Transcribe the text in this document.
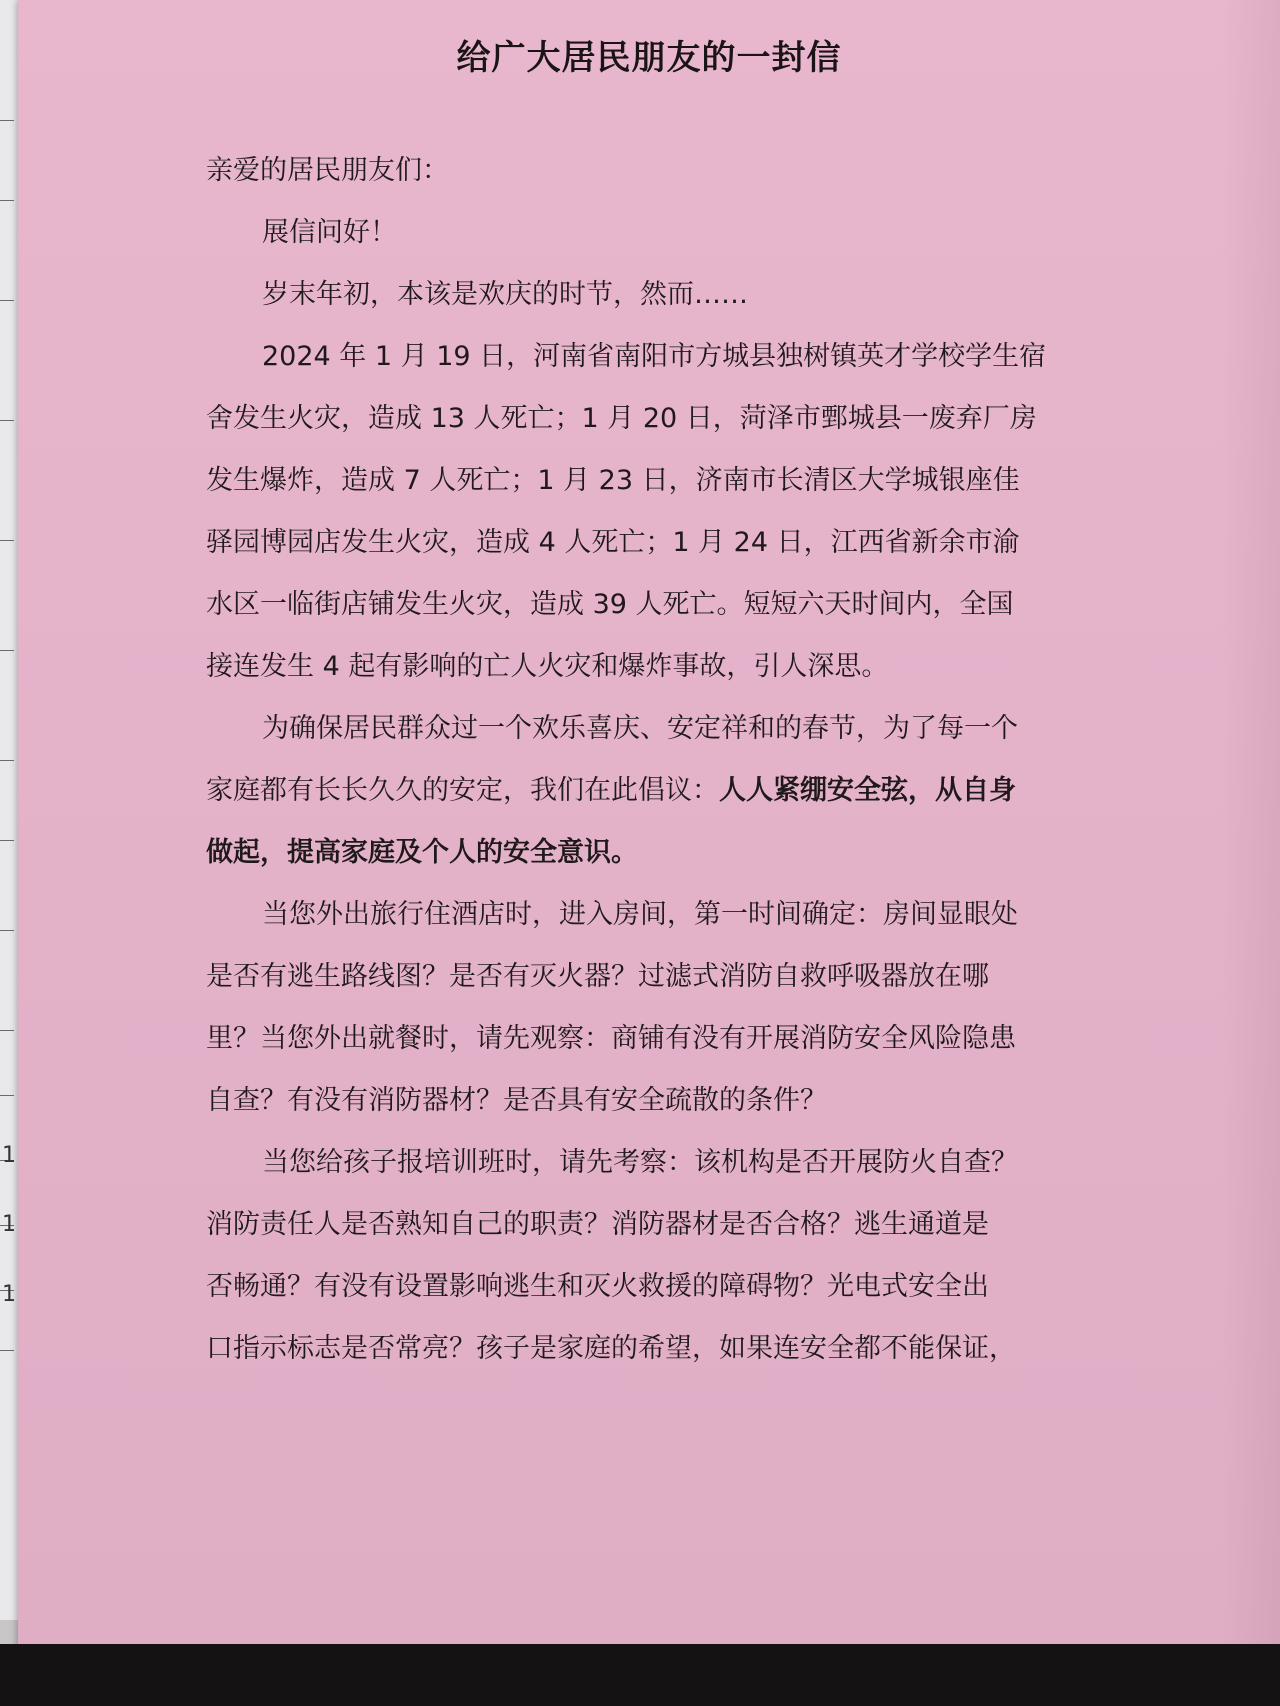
1
1
1
给广大居民朋友的一封信
亲爱的居民朋友们：
展信问好！
岁末年初，本该是欢庆的时节，然而……
2024 年 1 月 19 日，河南省南阳市方城县独树镇英才学校学生宿
舍发生火灾，造成 13 人死亡；1 月 20 日，菏泽市鄄城县一废弃厂房
发生爆炸，造成 7 人死亡；1 月 23 日，济南市长清区大学城银座佳
驿园博园店发生火灾，造成 4 人死亡；1 月 24 日，江西省新余市渝
水区一临街店铺发生火灾，造成 39 人死亡。短短六天时间内，全国
接连发生 4 起有影响的亡人火灾和爆炸事故，引人深思。
为确保居民群众过一个欢乐喜庆、安定祥和的春节，为了每一个
家庭都有长长久久的安定，我们在此倡议：人人紧绷安全弦，从自身
做起，提高家庭及个人的安全意识。
当您外出旅行住酒店时，进入房间，第一时间确定：房间显眼处
是否有逃生路线图？是否有灭火器？过滤式消防自救呼吸器放在哪
里？当您外出就餐时，请先观察：商铺有没有开展消防安全风险隐患
自查？有没有消防器材？是否具有安全疏散的条件？
当您给孩子报培训班时，请先考察：该机构是否开展防火自查？
消防责任人是否熟知自己的职责？消防器材是否合格？逃生通道是
否畅通？有没有设置影响逃生和灭火救援的障碍物？光电式安全出
口指示标志是否常亮？孩子是家庭的希望，如果连安全都不能保证，
